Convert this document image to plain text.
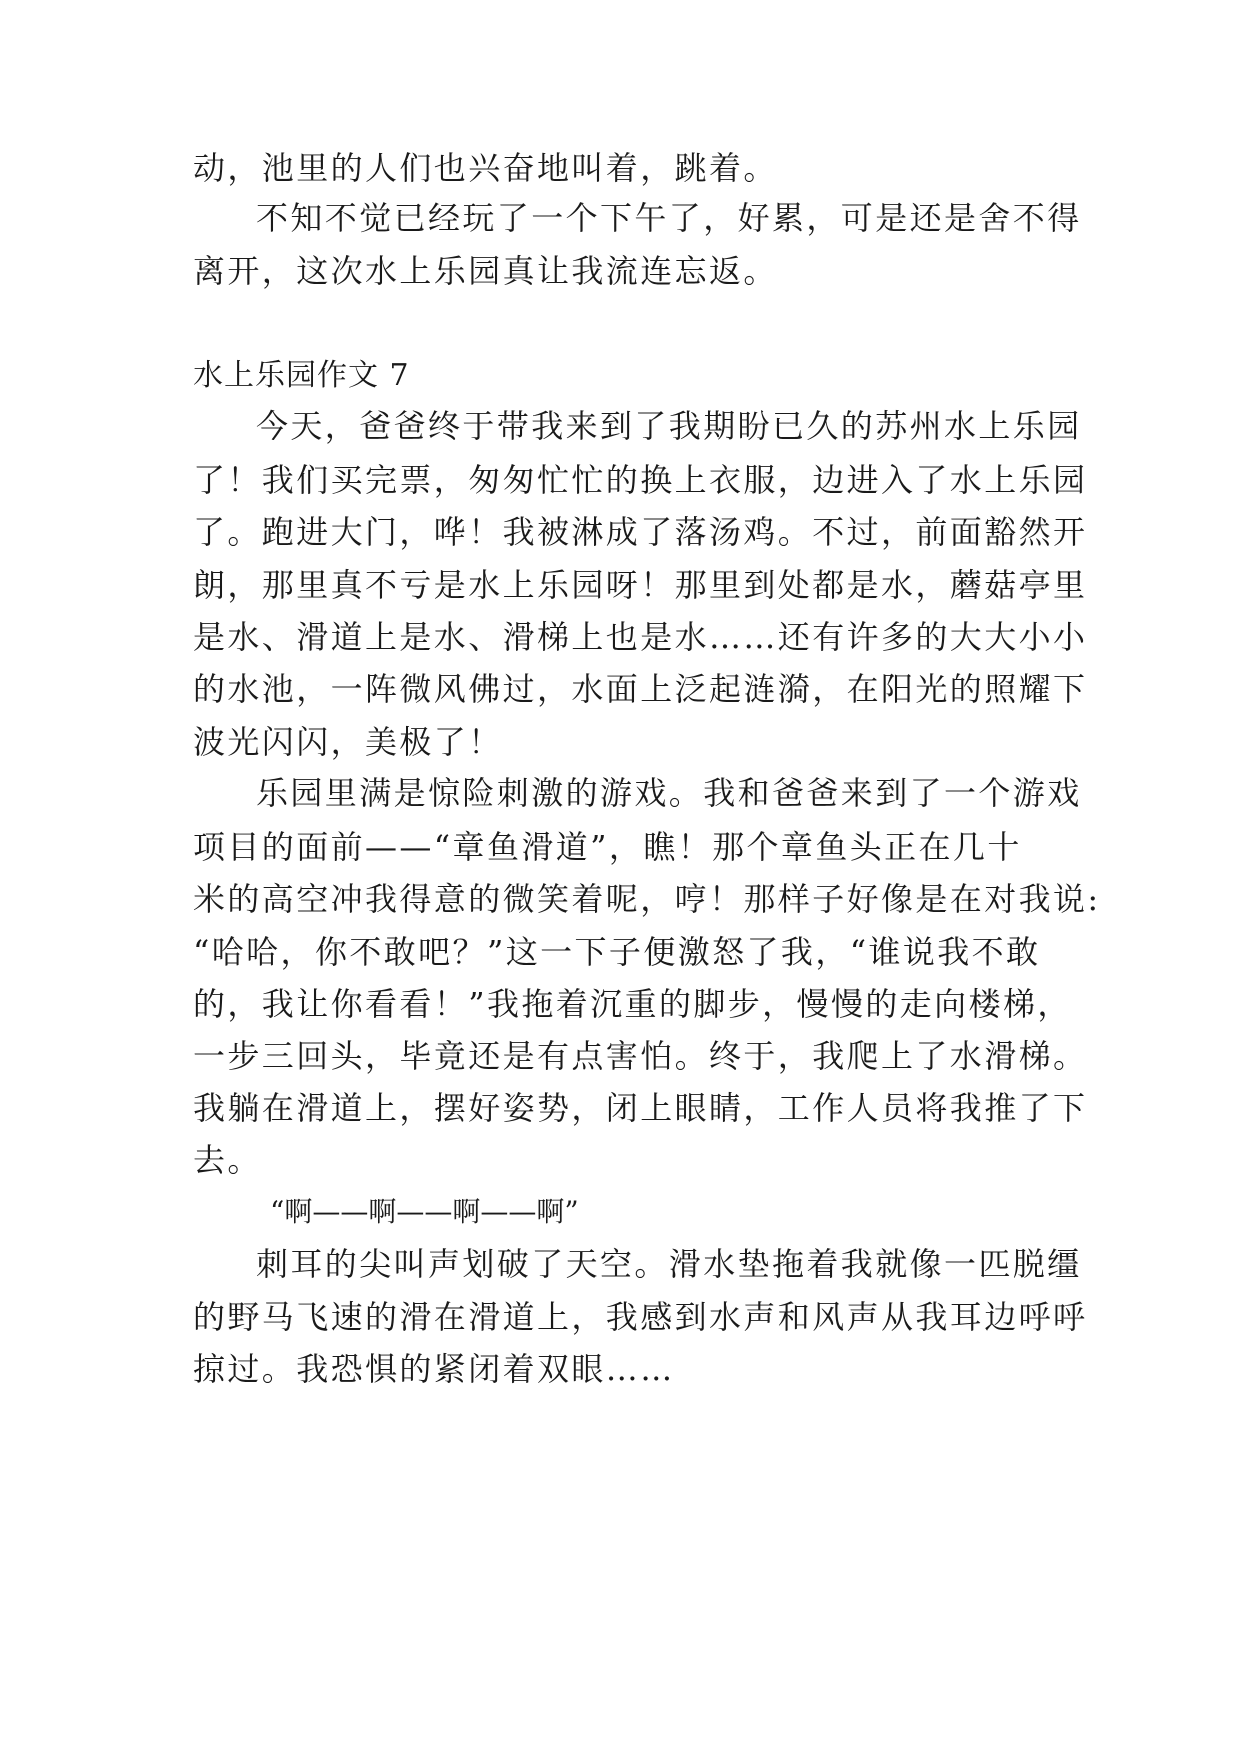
动，池里的人们也兴奋地叫着，跳着。
不知不觉已经玩了一个下午了，好累，可是还是舍不得
离开，这次水上乐园真让我流连忘返。
水上乐园作文 7
今天，爸爸终于带我来到了我期盼已久的苏州水上乐园
了！我们买完票，匆匆忙忙的换上衣服，边进入了水上乐园
了。跑进大门，哗！我被淋成了落汤鸡。不过，前面豁然开
朗，那里真不亏是水上乐园呀！那里到处都是水，蘑菇亭里
是水、滑道上是水、滑梯上也是水……还有许多的大大小小
的水池，一阵微风佛过，水面上泛起涟漪，在阳光的照耀下
波光闪闪，美极了！
乐园里满是惊险刺激的游戏。我和爸爸来到了一个游戏
项目的面前——“章鱼滑道”，瞧！那个章鱼头正在几十
米的高空冲我得意的微笑着呢，哼！那样子好像是在对我说:
“哈哈，你不敢吧？”这一下子便激怒了我，“谁说我不敢
的，我让你看看！”我拖着沉重的脚步，慢慢的走向楼梯，
一步三回头，毕竟还是有点害怕。终于，我爬上了水滑梯。
我躺在滑道上，摆好姿势，闭上眼睛，工作人员将我推了下
去。
“啊——啊——啊——啊”
刺耳的尖叫声划破了天空。滑水垫拖着我就像一匹脱缰
的野马飞速的滑在滑道上，我感到水声和风声从我耳边呼呼
掠过。我恐惧的紧闭着双眼……
